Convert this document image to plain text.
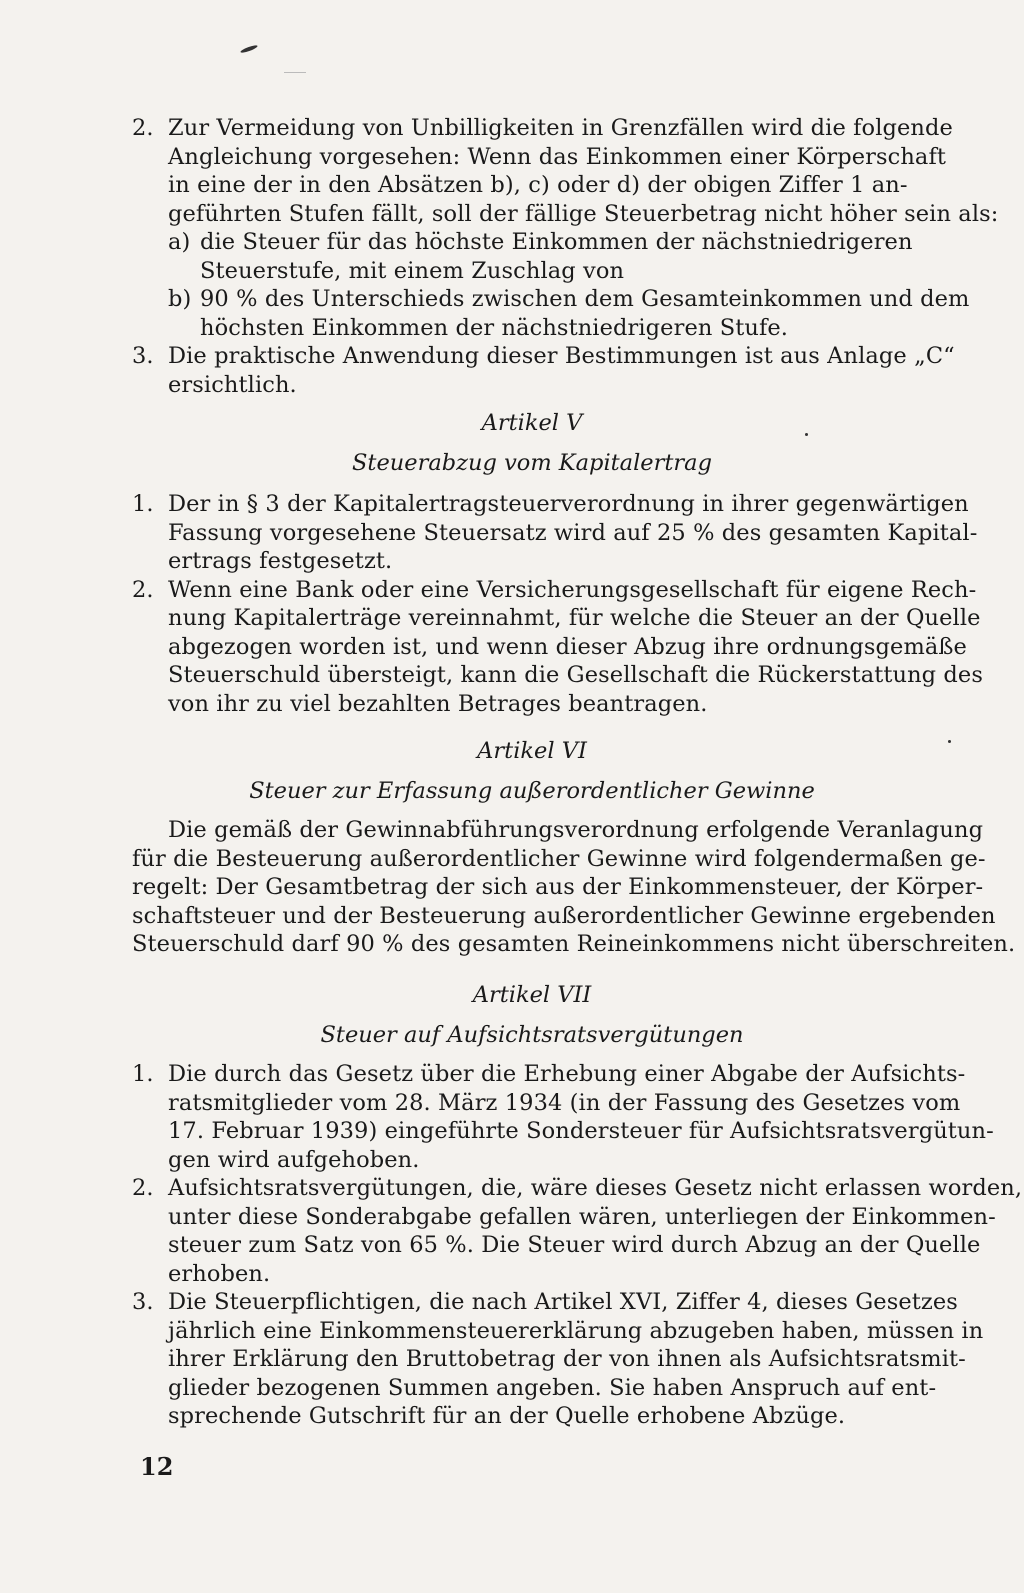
2. Zur Vermeidung von Unbilligkeiten in Grenzfällen wird die folgende
Angleichung vorgesehen: Wenn das Einkommen einer Körperschaft
in eine der in den Absätzen b), c) oder d) der obigen Ziffer 1 an-
geführten Stufen fällt, soll der fällige Steuerbetrag nicht höher sein als:
a) die Steuer für das höchste Einkommen der nächstniedrigeren
Steuerstufe, mit einem Zuschlag von
b) 90 % des Unterschieds zwischen dem Gesamteinkommen und dem
höchsten Einkommen der nächstniedrigeren Stufe.
3. Die praktische Anwendung dieser Bestimmungen ist aus Anlage „C“
ersichtlich.
Artikel V
Steuerabzug vom Kapitalertrag
1. Der in § 3 der Kapitalertragsteuerverordnung in ihrer gegenwärtigen
Fassung vorgesehene Steuersatz wird auf 25 % des gesamten Kapital-
ertrags festgesetzt.
2. Wenn eine Bank oder eine Versicherungsgesellschaft für eigene Rech-
nung Kapitalerträge vereinnahmt, für welche die Steuer an der Quelle
abgezogen worden ist, und wenn dieser Abzug ihre ordnungsgemäße
Steuerschuld übersteigt, kann die Gesellschaft die Rückerstattung des
von ihr zu viel bezahlten Betrages beantragen.
Artikel VI
Steuer zur Erfassung außerordentlicher Gewinne
Die gemäß der Gewinnabführungsverordnung erfolgende Veranlagung
für die Besteuerung außerordentlicher Gewinne wird folgendermaßen ge-
regelt: Der Gesamtbetrag der sich aus der Einkommensteuer, der Körper-
schaftsteuer und der Besteuerung außerordentlicher Gewinne ergebenden
Steuerschuld darf 90 % des gesamten Reineinkommens nicht überschreiten.
Artikel VII
Steuer auf Aufsichtsratsvergütungen
1. Die durch das Gesetz über die Erhebung einer Abgabe der Aufsichts-
ratsmitglieder vom 28. März 1934 (in der Fassung des Gesetzes vom
17. Februar 1939) eingeführte Sondersteuer für Aufsichtsratsvergütun-
gen wird aufgehoben.
2. Aufsichtsratsvergütungen, die, wäre dieses Gesetz nicht erlassen worden,
unter diese Sonderabgabe gefallen wären, unterliegen der Einkommen-
steuer zum Satz von 65 %. Die Steuer wird durch Abzug an der Quelle
erhoben.
3. Die Steuerpflichtigen, die nach Artikel XVI, Ziffer 4, dieses Gesetzes
jährlich eine Einkommensteuererklärung abzugeben haben, müssen in
ihrer Erklärung den Bruttobetrag der von ihnen als Aufsichtsratsmit-
glieder bezogenen Summen angeben. Sie haben Anspruch auf ent-
sprechende Gutschrift für an der Quelle erhobene Abzüge.
12
